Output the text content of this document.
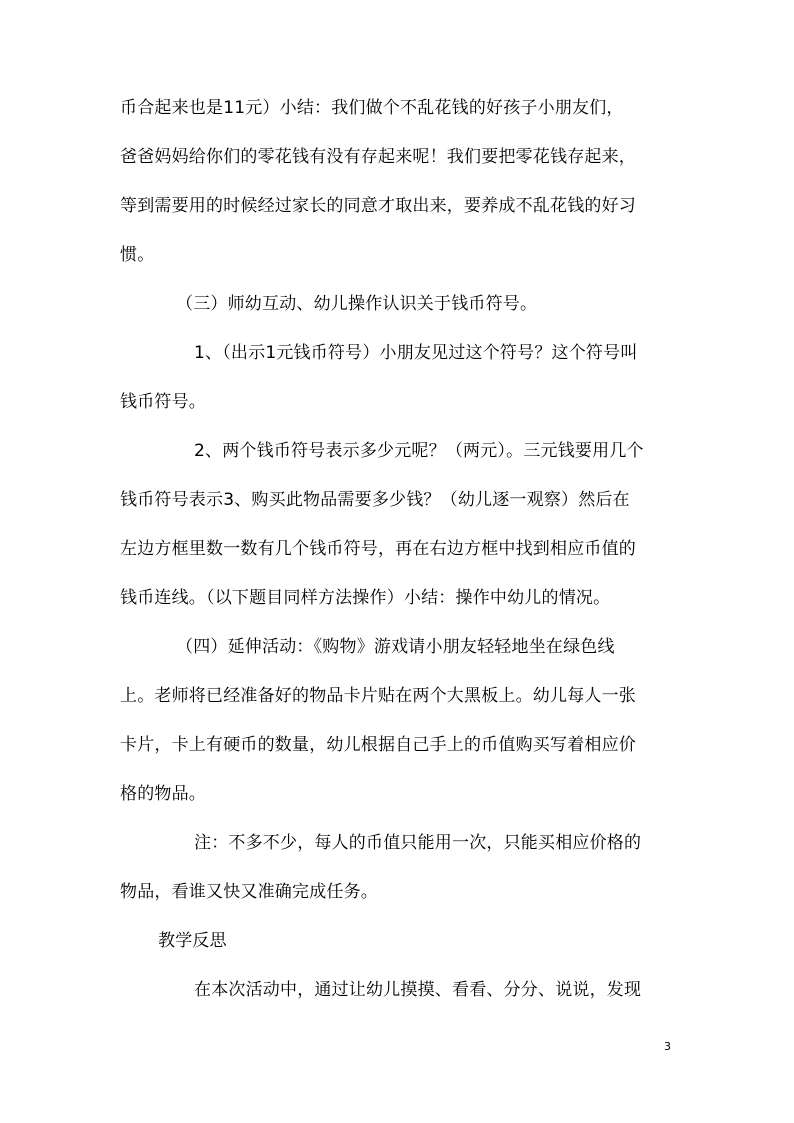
币合起来也是11元）小结：我们做个不乱花钱的好孩子小朋友们，
爸爸妈妈给你们的零花钱有没有存起来呢！我们要把零花钱存起来，
等到需要用的时候经过家长的同意才取出来，要养成不乱花钱的好习
惯。
（三）师幼互动、幼儿操作认识关于钱币符号。
1、（出示1元钱币符号）小朋友见过这个符号？这个符号叫
钱币符号。
2、两个钱币符号表示多少元呢？（两元）。三元钱要用几个
钱币符号表示3、购买此物品需要多少钱？（幼儿逐一观察）然后在
左边方框里数一数有几个钱币符号，再在右边方框中找到相应币值的
钱币连线。（以下题目同样方法操作）小结：操作中幼儿的情况。
（四）延伸活动：《购物》游戏请小朋友轻轻地坐在绿色线
上。老师将已经准备好的物品卡片贴在两个大黑板上。幼儿每人一张
卡片，卡上有硬币的数量，幼儿根据自己手上的币值购买写着相应价
格的物品。
注：不多不少，每人的币值只能用一次，只能买相应价格的
物品，看谁又快又准确完成任务。
教学反思
在本次活动中，通过让幼儿摸摸、看看、分分、说说，发现
3
